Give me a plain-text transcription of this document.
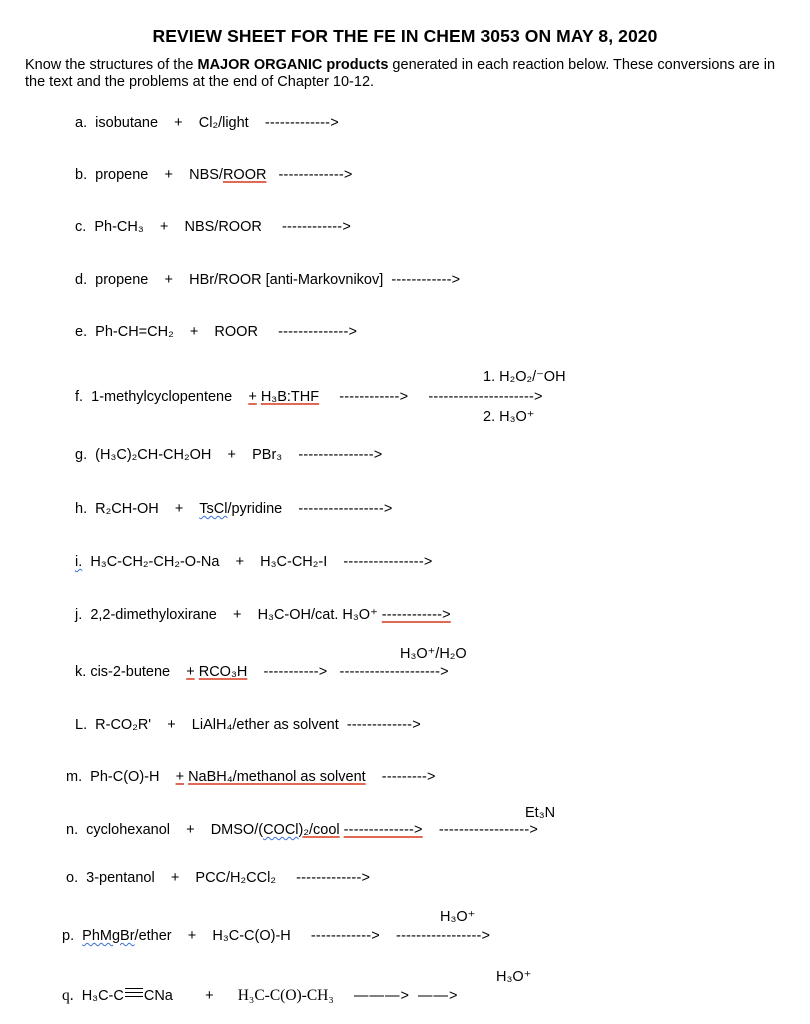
REVIEW SHEET FOR THE FE IN CHEM 3053 ON MAY 8, 2020
Know the structures of the MAJOR ORGANIC products generated in each reaction below. These conversions are in the text and the problems at the end of Chapter 10-12.
a. isobutane + Cl₂/light ------------->
b. propene + NBS/ROOR ------------->
c. Ph-CH₃ + NBS/ROOR ------------>
d. propene + HBr/ROOR [anti-Markovnikov] ------------>
e. Ph-CH=CH₂ + ROOR -------------->
1. H₂O₂/⁻OH
f. 1-methylcyclopentene + H₃B:THF ------------> --------------------->
2. H₃O⁺
g. (H₃C)₂CH-CH₂OH + PBr₃ --------------->
h. R₂CH-OH + TsCl/pyridine ----------------->
i. H₃C-CH₂-CH₂-O-Na + H₃C-CH₂-I ---------------->
j. 2,2-dimethyloxirane + H₃C-OH/cat. H₃O⁺ ------------>
H₃O⁺/H₂O
k. cis-2-butene + RCO₃H -----------> -------------------->
L. R-CO₂R' + LiAlH₄/ether as solvent ------------->
m. Ph-C(O)-H + NaBH₄/methanol as solvent --------->
Et₃N
n. cyclohexanol + DMSO/(COCl)₂/cool --------------> ------------------>
o. 3-pentanol + PCC/H₂CCl₂ ------------->
H₃O⁺
p. PhMgBr/ether + H₃C-C(O)-H ------------> ----------------->
H₃O⁺
q. H₃C-C CNa + H₃C-C(O)-CH₃ ———> ——>
